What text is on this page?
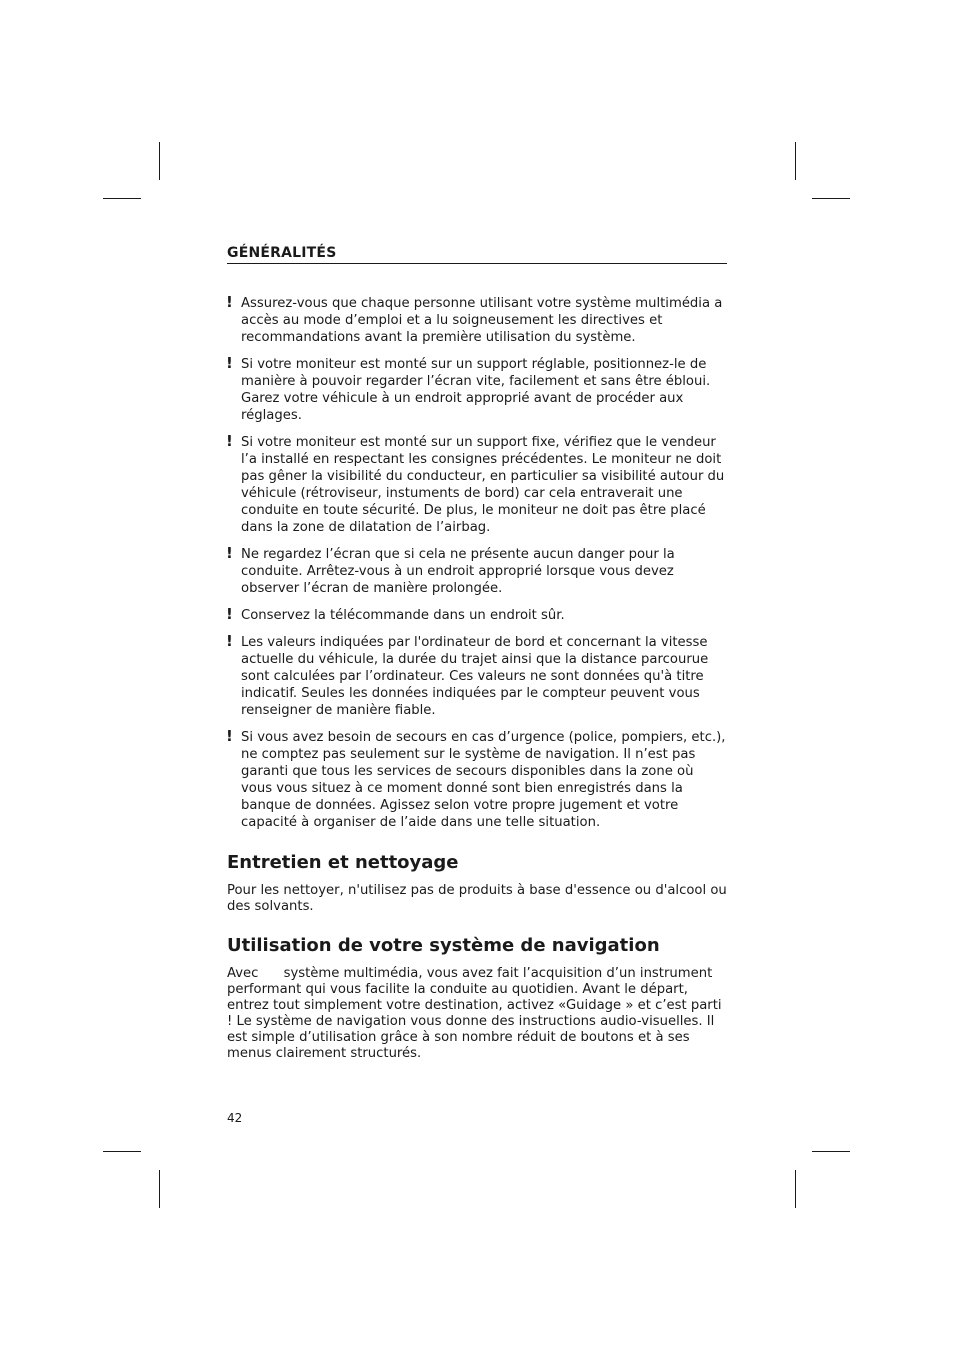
GÉNÉRALITÉS
! Assurez-vous que chaque personne utilisant votre système multimédia a accès au mode d’emploi et a lu soigneusement les directives et recommandations avant la première utilisation du système.
! Si votre moniteur est monté sur un support réglable, positionnez-le de manière à pouvoir regarder l’écran vite, facilement et sans être ébloui. Garez votre véhicule à un endroit approprié avant de procéder aux réglages.
! Si votre moniteur est monté sur un support fixe, vérifiez que le vendeur l’a installé en respectant les consignes précédentes. Le moniteur ne doit pas gêner la visibilité du conducteur, en particulier sa visibilité autour du véhicule (rétroviseur, instuments de bord) car cela entraverait une conduite en toute sécurité. De plus, le moniteur ne doit pas être placé dans la zone de dilatation de l’airbag.
! Ne regardez l’écran que si cela ne présente aucun danger pour la conduite. Arrêtez-vous à un endroit approprié lorsque vous devez observer l’écran de manière prolongée.
! Conservez la télécommande dans un endroit sûr.
! Les valeurs indiquées par l'ordinateur de bord et concernant la vitesse actuelle du véhicule, la durée du trajet ainsi que la distance parcourue sont calculées par l’ordinateur. Ces valeurs ne sont données qu'à titre indicatif. Seules les données indiquées par le compteur peuvent vous renseigner de manière fiable.
! Si vous avez besoin de secours en cas d’urgence (police, pompiers, etc.), ne comptez pas seulement sur le système de navigation. Il n’est pas garanti que tous les services de secours disponibles dans la zone où vous vous situez à ce moment donné sont bien enregistrés dans la banque de données. Agissez selon votre propre jugement et votre capacité à organiser de l’aide dans une telle situation.
Entretien et nettoyage

Pour les nettoyer, n'utilisez pas de produits à base d'essence ou d'alcool ou des solvants.

Utilisation de votre système de navigation

Avec      système multimédia, vous avez fait l’acquisition d’un instrument performant qui vous facilite la conduite au quotidien. Avant le départ, entrez tout simplement votre destination, activez «Guidage » et c’est parti ! Le système de navigation vous donne des instructions audio-visuelles. Il est simple d’utilisation grâce à son nombre réduit de boutons et à ses menus clairement structurés.

42
